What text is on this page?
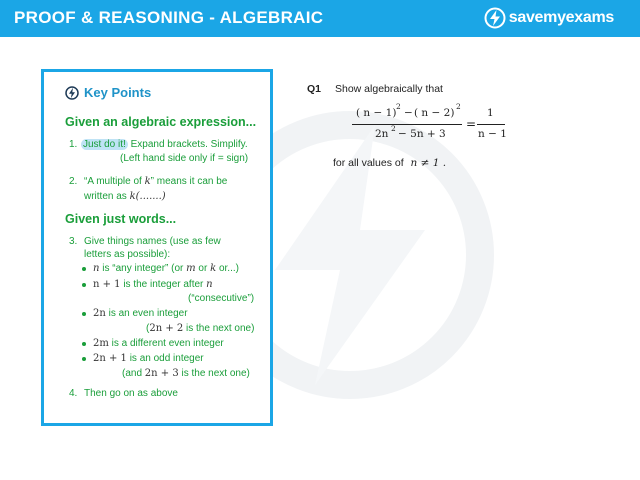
PROOF & REASONING - ALGEBRAIC	savemyexams
Key Points
Given an algebraic expression...
1. Just do it! Expand brackets. Simplify.
(Left hand side only if = sign)
2. “A multiple of k” means it can be
written as k(.......)
Given just words...
3. Give things names (use as few
letters as possible):
n is “any integer” (or m or k or...)
n + 1 is the integer after n
(“consecutive”)
2n is an even integer
(2n + 2 is the next one)
2m is a different even integer
2n + 1 is an odd integer
(and 2n + 3 is the next one)
4. Then go on as above
Q1 Show algebraically that
( n − 1)
2
− ( n − 2)
2
2n 2 − 5n + 3
=
1
n − 1
for all values of n ≠ 1 .
